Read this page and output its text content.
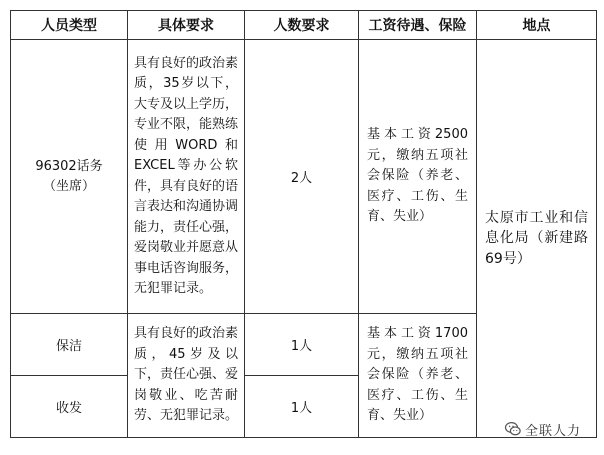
人员类型	具体要求	人数要求	工资待遇、保险	地点

96302话务（坐席）	具有良好的政治素质，35岁以下，大专及以上学历，专业不限，能熟练使用WORD和EXCEL等办公软件，具有良好的语言表达和沟通协调能力，责任心强，爱岗敬业并愿意从事电话咨询服务，无犯罪记录。	2人	基本工资2500元，缴纳五项社会保险（养老、医疗、工伤、生育、失业）	太原市工业和信息化局（新建路69号）

保洁	具有良好的政治素质，45岁及以下，责任心强、爱岗敬业、吃苦耐劳、无犯罪记录。	1人	基本工资1700元，缴纳五项社会保险（养老、医疗、工伤、生育、失业）	

收发		1人		
全联人力
